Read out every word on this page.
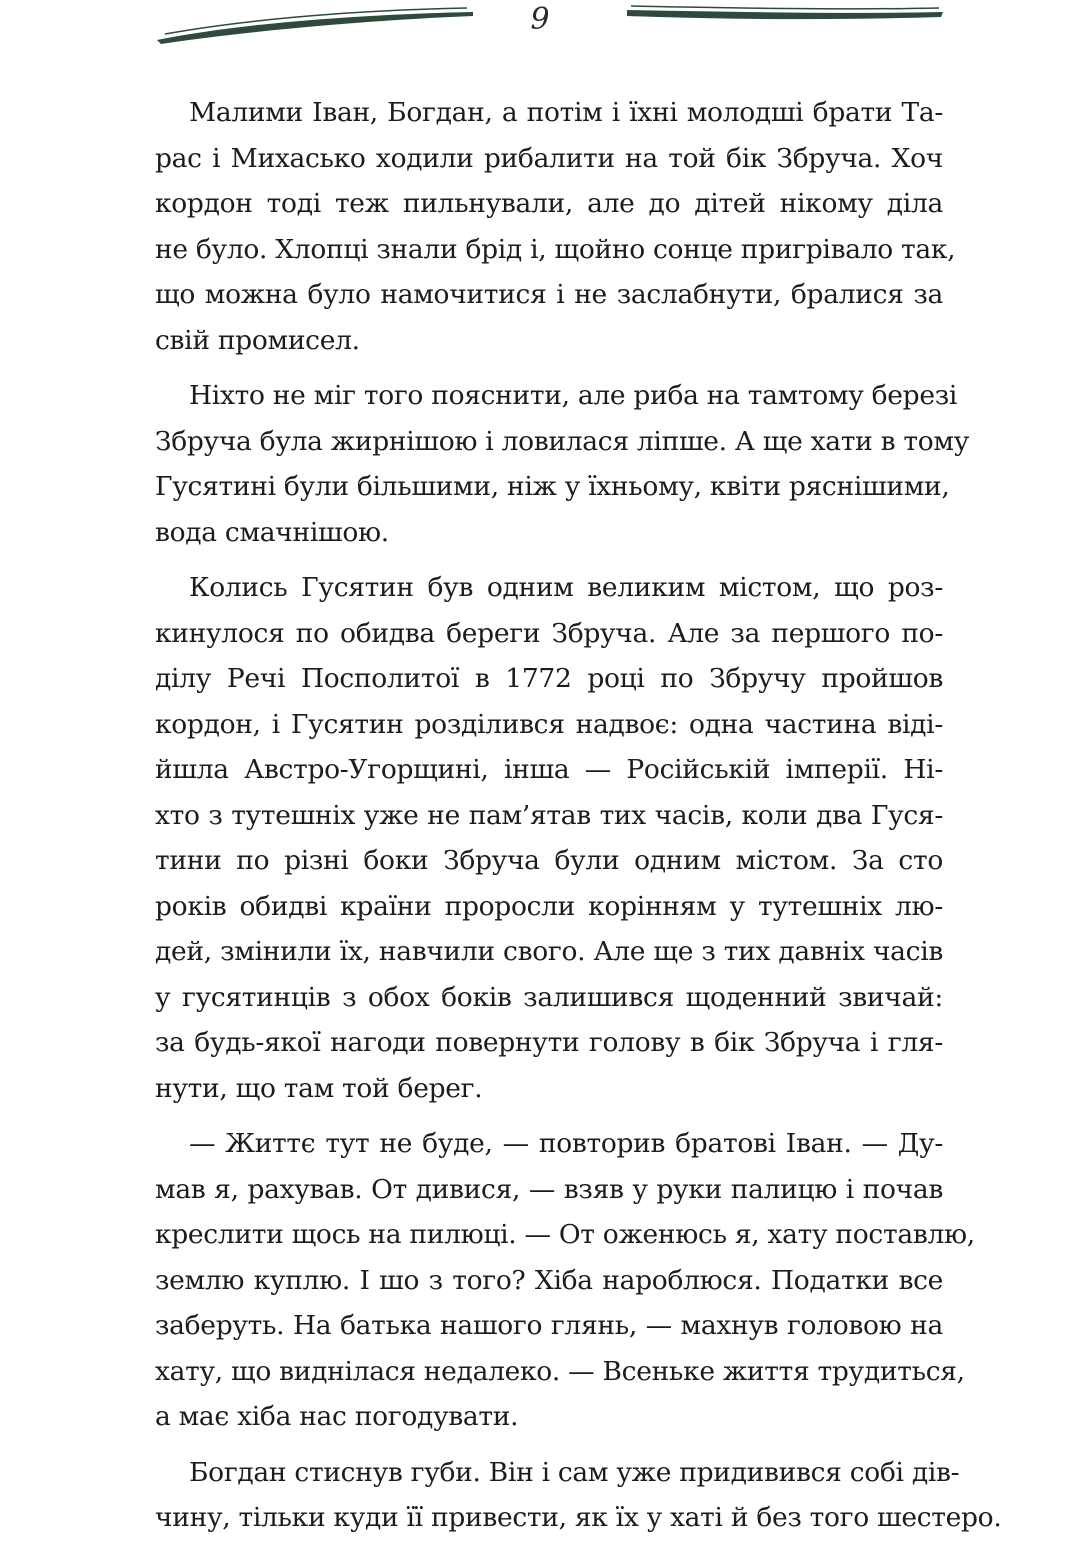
9
Малими Іван, Богдан, а потім і їхні молодші брати Та-
рас і Михасько ходили рибалити на той бік Збруча. Хоч
кордон тоді теж пильнували, але до дітей нікому діла
не було. Хлопці знали брід і, щойно сонце пригрівало так,
що можна було намочитися і не заслабнути, бралися за
свій промисел.
Ніхто не міг того пояснити, але риба на тамтому березі
Збруча була жирнішою і ловилася ліпше. А ще хати в тому
Гусятині були більшими, ніж у їхньому, квіти ряснішими,
вода смачнішою.
Колись Гусятин був одним великим містом, що роз-
кинулося по обидва береги Збруча. Але за першого по-
ділу Речі Посполитої в 1772 році по Збручу пройшов
кордон, і Гусятин розділився надвоє: одна частина віді-
йшла Австро-Угорщині, інша — Російській імперії. Ні-
хто з тутешніх уже не пам’ятав тих часів, коли два Гуся-
тини по різні боки Збруча були одним містом. За сто
років обидві країни проросли корінням у тутешніх лю-
дей, змінили їх, навчили свого. Але ще з тих давніх часів
у гусятинців з обох боків залишився щоденний звичай:
за будь-якої нагоди повернути голову в бік Збруча і гля-
нути, що там той берег.
— Життє тут не буде, — повторив братові Іван. — Ду-
мав я, рахував. От дивися, — взяв у руки палицю і почав
креслити щось на пилюці. — От оженюсь я, хату поставлю,
землю куплю. І шо з того? Хіба нароблюся. Податки все
заберуть. На батька нашого глянь, — махнув головою на
хату, що виднілася недалеко. — Всеньке життя трудиться,
а має хіба нас погодувати.
Богдан стиснув губи. Він і сам уже придивився собі дів-
чину, тільки куди її привести, як їх у хаті й без того шестеро.
